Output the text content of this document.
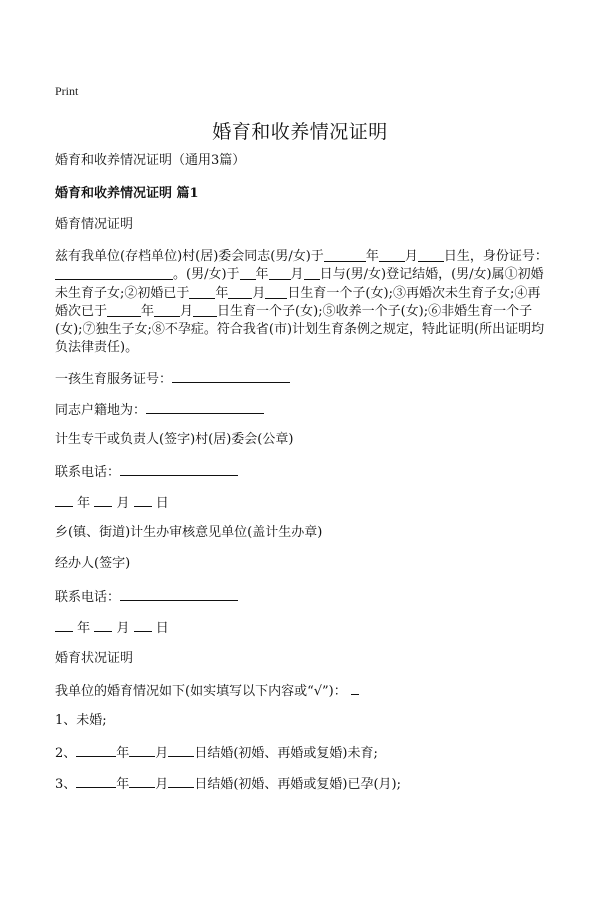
Print
婚育和收养情况证明
婚育和收养情况证明（通用3篇）
婚育和收养情况证明 篇1
婚育情况证明
兹有我单位(存档单位)村(居)委会同志(男/女)于	年 月 日生，身份证号：。(男/女)于 年 月 日与(男/女)登记结婚，(男/女)属①初婚未生育子女;②初婚已于 年 月 日生育一个子(女);③再婚次未生育子女;④再婚次已于	年 月 日生育一个子(女);⑤收养一个子(女);⑥非婚生育一个子(女);⑦独生子女;⑧不孕症。符合我省(市)计划生育条例之规定，特此证明(所出证明均负法律责任)。
一孩生育服务证号：
同志户籍地为：
计生专干或负责人(签字)村(居)委会(公章)
联系电话：
年 月 日
乡(镇、街道)计生办审核意见单位(盖计生办章)
经办人(签字)
联系电话：
年 月 日
婚育状况证明
我单位的婚育情况如下(如实填写以下内容或“√”)：
1、未婚;
2、	年 月 日结婚(初婚、再婚或复婚)未育;
3、	年 月 日结婚(初婚、再婚或复婚)已孕(月);
